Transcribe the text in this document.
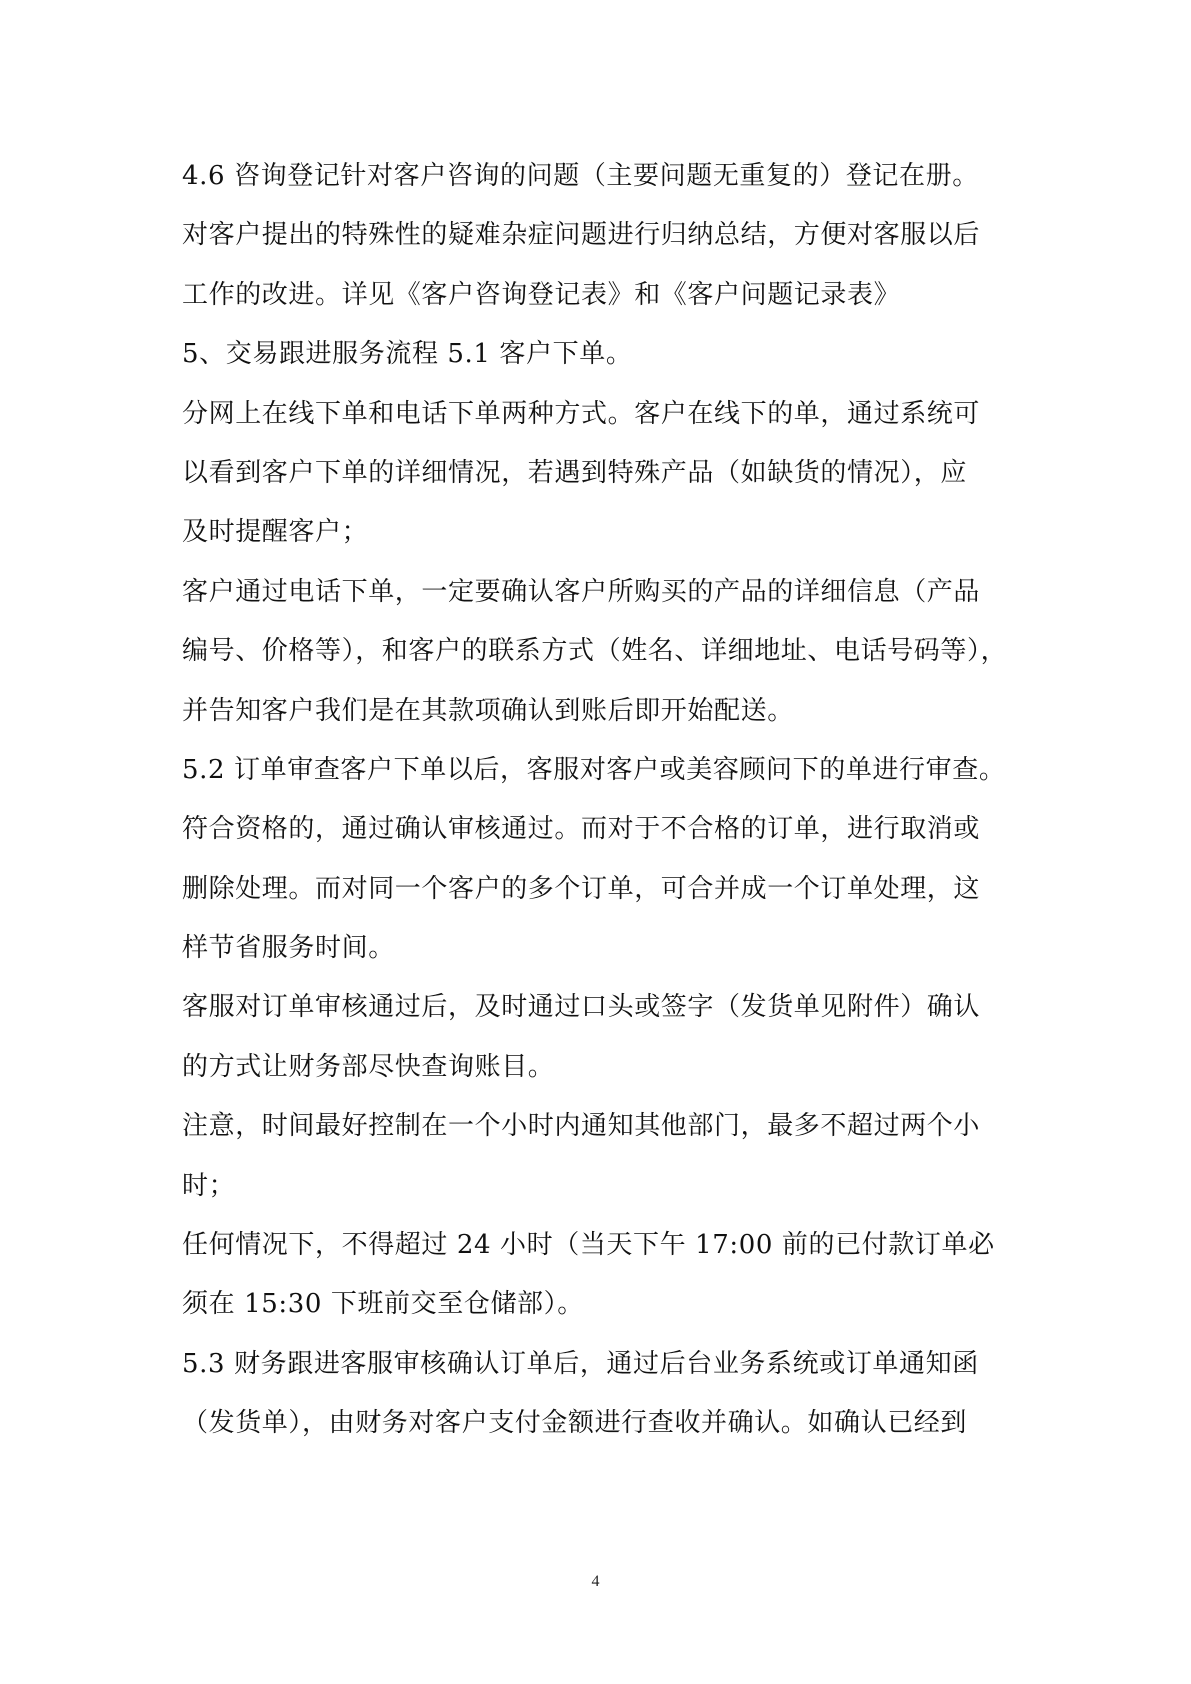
4.6 咨询登记针对客户咨询的问题（主要问题无重复的）登记在册。
对客户提出的特殊性的疑难杂症问题进行归纳总结，方便对客服以后
工作的改进。详见《客户咨询登记表》和《客户问题记录表》
5、交易跟进服务流程 5.1 客户下单。
分网上在线下单和电话下单两种方式。客户在线下的单，通过系统可
以看到客户下单的详细情况，若遇到特殊产品（如缺货的情况），应
及时提醒客户；
客户通过电话下单，一定要确认客户所购买的产品的详细信息（产品
编号、价格等），和客户的联系方式（姓名、详细地址、电话号码等），
并告知客户我们是在其款项确认到账后即开始配送。
5.2 订单审查客户下单以后，客服对客户或美容顾问下的单进行审查。
符合资格的，通过确认审核通过。而对于不合格的订单，进行取消或
删除处理。而对同一个客户的多个订单，可合并成一个订单处理，这
样节省服务时间。
客服对订单审核通过后，及时通过口头或签字（发货单见附件）确认
的方式让财务部尽快查询账目。
注意，时间最好控制在一个小时内通知其他部门，最多不超过两个小
时；
任何情况下，不得超过 24 小时（当天下午 17:00 前的已付款订单必
须在 15:30 下班前交至仓储部）。
5.3 财务跟进客服审核确认订单后，通过后台业务系统或订单通知函
（发货单），由财务对客户支付金额进行查收并确认。如确认已经到
4
